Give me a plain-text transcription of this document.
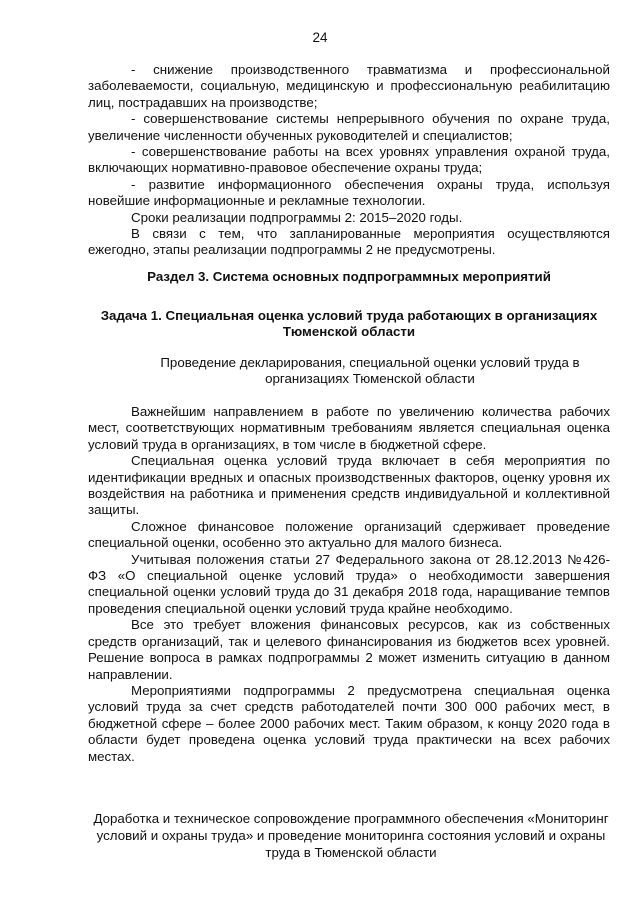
24

- снижение производственного травматизма и профессиональной заболеваемости, социальную, медицинскую и профессиональную реабилитацию лиц, пострадавших на производстве;

- совершенствование системы непрерывного обучения по охране труда, увеличение численности обученных руководителей и специалистов;

- совершенствование работы на всех уровнях управления охраной труда, включающих нормативно-правовое обеспечение охраны труда;

- развитие информационного обеспечения охраны труда, используя новейшие информационные и рекламные технологии.

Сроки реализации подпрограммы 2: 2015–2020 годы.

В связи с тем, что запланированные мероприятия осуществляются ежегодно, этапы реализации подпрограммы 2 не предусмотрены.

Раздел 3. Система основных подпрограммных мероприятий
Задача 1. Специальная оценка условий труда работающих в организациях Тюменской области
Проведение декларирования, специальной оценки условий труда в организациях Тюменской области

Важнейшим направлением в работе по увеличению количества рабочих мест, соответствующих нормативным требованиям является специальная оценка условий труда в организациях, в том числе в бюджетной сфере.

Специальная оценка условий труда включает в себя мероприятия по идентификации вредных и опасных производственных факторов, оценку уровня их воздействия на работника и применения средств индивидуальной и коллективной защиты.

Сложное финансовое положение организаций сдерживает проведение специальной оценки, особенно это актуально для малого бизнеса.

Учитывая положения статьи 27 Федерального закона от 28.12.2013 №426-ФЗ «О специальной оценке условий труда» о необходимости завершения специальной оценки условий труда до 31 декабря 2018 года, наращивание темпов проведения специальной оценки условий труда крайне необходимо.

Все это требует вложения финансовых ресурсов, как из собственных средств организаций, так и целевого финансирования из бюджетов всех уровней. Решение вопроса в рамках подпрограммы 2 может изменить ситуацию в данном направлении.

Мероприятиями подпрограммы 2 предусмотрена специальная оценка условий труда за счет средств работодателей почти 300 000 рабочих мест, в бюджетной сфере – более 2000 рабочих мест. Таким образом, к концу 2020 года в области будет проведена оценка условий труда практически на всех рабочих местах.

Доработка и техническое сопровождение программного обеспечения «Мониторинг условий и охраны труда» и проведение мониторинга состояния условий и охраны труда в Тюменской области
